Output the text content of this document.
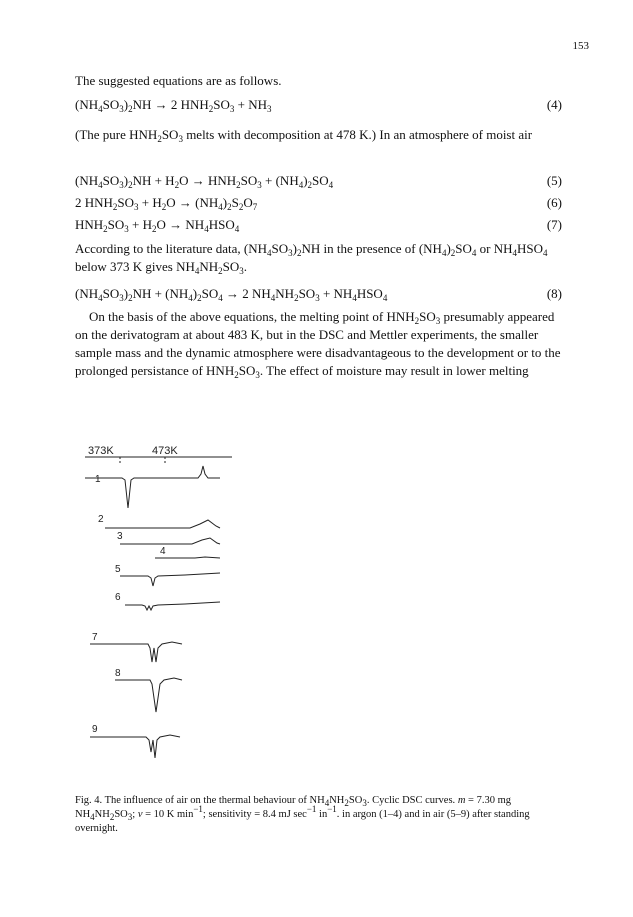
153
The suggested equations are as follows.
$(NH_4SO_3)_2NH \to 2$ $HNH_2SO_3 + NH_3$	(4)
(The pure $HNH_2SO_3$ melts with decomposition at 478 K.) In an atmosphere of moist air
$(NH_4SO_3)_2NH + H_2O \to HNH_2SO_3 + (NH_4)_2SO_4$	(5)
2 $HNH_2SO_3 + H_2O \to (NH_4)_2S_2O_7$	(6)
$HNH_2SO_3 + H_2O \to NH_4HSO_4$	(7)
According to the literature data, $(NH_4SO_3)_2NH$ in the presence of $(NH_4)_2SO_4$ or $NH_4HSO_4$ below 373 K gives $NH_4NH_2SO_3$.
$(NH_4SO_3)_2NH + (NH_4)_2SO_4 \to 2$ $NH_4NH_2SO_3 + NH_4HSO_4$	(8)
On the basis of the above equations, the melting point of $HNH_2SO_3$ presumably appeared on the derivatogram at about 483 K, but in the DSC and Mettler experiments, the smaller sample mass and the dynamic atmosphere were disadvantageous to the development or to the prolonged persistance of $HNH_2SO_3$. The effect of moisture may result in lower melting
373K	473K
1
2
3
4
5
6
7
8
9
Fig. 4. The influence of air on the thermal behaviour of $NH_4NH_2SO_3$. Cyclic DSC curves. m = 7.30 mg $NH_4NH_2SO_3$; v = 10 K $\min^{-1}$; sensitivity = 8.4 mJ $\sec^{-1} in^{-1}$. in argon (1–4) and in air (5–9) after standing overnight.
